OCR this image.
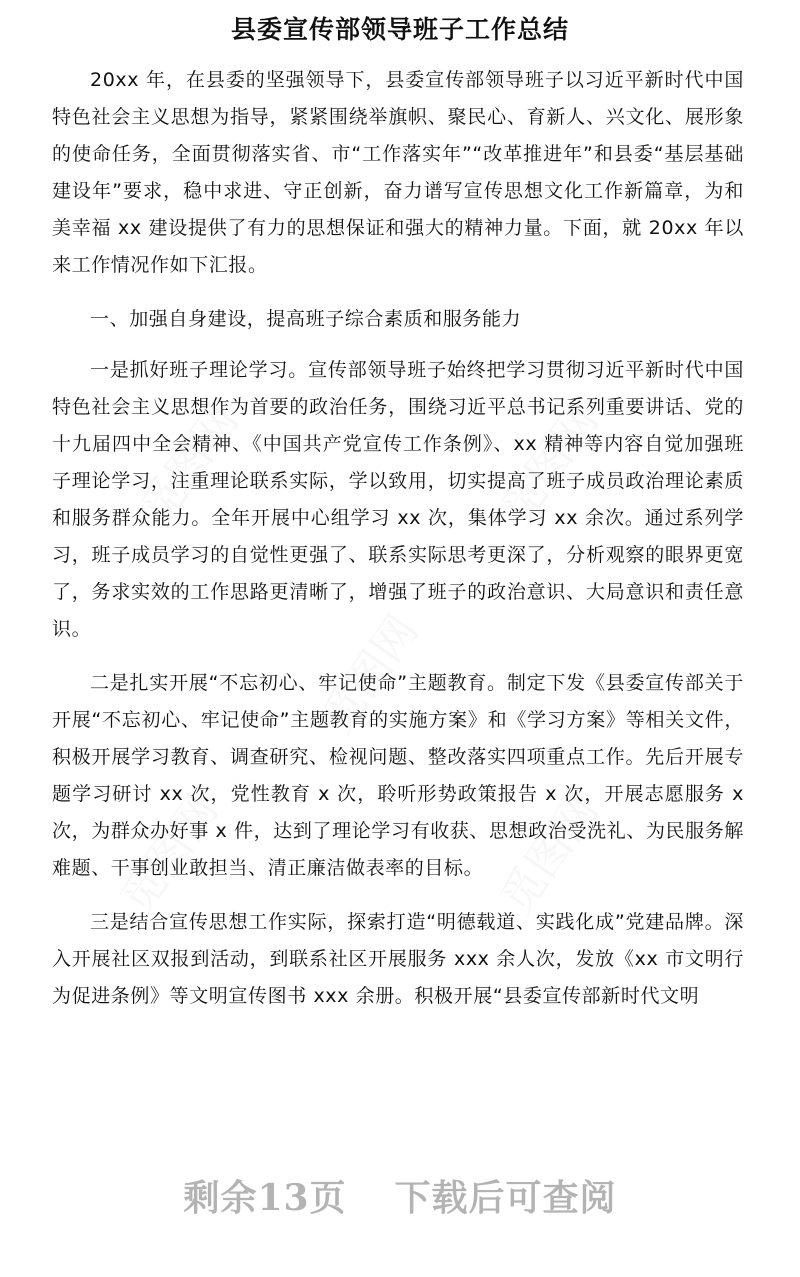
觅图网	觅图网
觅图网
觅图网	觅图网
县委宣传部领导班子工作总结

20xx 年，在县委的坚强领导下，县委宣传部领导班子以习近平新时代中国特色社会主义思想为指导，紧紧围绕举旗帜、聚民心、育新人、兴文化、展形象的使命任务，全面贯彻落实省、市“工作落实年”“改革推进年”和县委“基层基础建设年”要求，稳中求进、守正创新，奋力谱写宣传思想文化工作新篇章，为和美幸福 xx 建设提供了有力的思想保证和强大的精神力量。下面，就 20xx 年以来工作情况作如下汇报。

一、加强自身建设，提高班子综合素质和服务能力

一是抓好班子理论学习。宣传部领导班子始终把学习贯彻习近平新时代中国特色社会主义思想作为首要的政治任务，围绕习近平总书记系列重要讲话、党的十九届四中全会精神、《中国共产党宣传工作条例》、xx 精神等内容自觉加强班子理论学习，注重理论联系实际，学以致用，切实提高了班子成员政治理论素质和服务群众能力。全年开展中心组学习 xx 次，集体学习 xx 余次。通过系列学习，班子成员学习的自觉性更强了、联系实际思考更深了，分析观察的眼界更宽了，务求实效的工作思路更清晰了，增强了班子的政治意识、大局意识和责任意识。

二是扎实开展“不忘初心、牢记使命”主题教育。制定下发《县委宣传部关于开展“不忘初心、牢记使命”主题教育的实施方案》和《学习方案》等相关文件，积极开展学习教育、调查研究、检视问题、整改落实四项重点工作。先后开展专题学习研讨 xx 次，党性教育 x 次，聆听形势政策报告 x 次，开展志愿服务 x 次，为群众办好事 x 件，达到了理论学习有收获、思想政治受洗礼、为民服务解难题、干事创业敢担当、清正廉洁做表率的目标。

三是结合宣传思想工作实际，探索打造“明德载道、实践化成”党建品牌。深入开展社区双报到活动，到联系社区开展服务 xxx 余人次，发放《xx 市文明行为促进条例》等文明宣传图书 xxx 余册。积极开展“县委宣传部新时代文明

剩余13页 下载后可查阅
